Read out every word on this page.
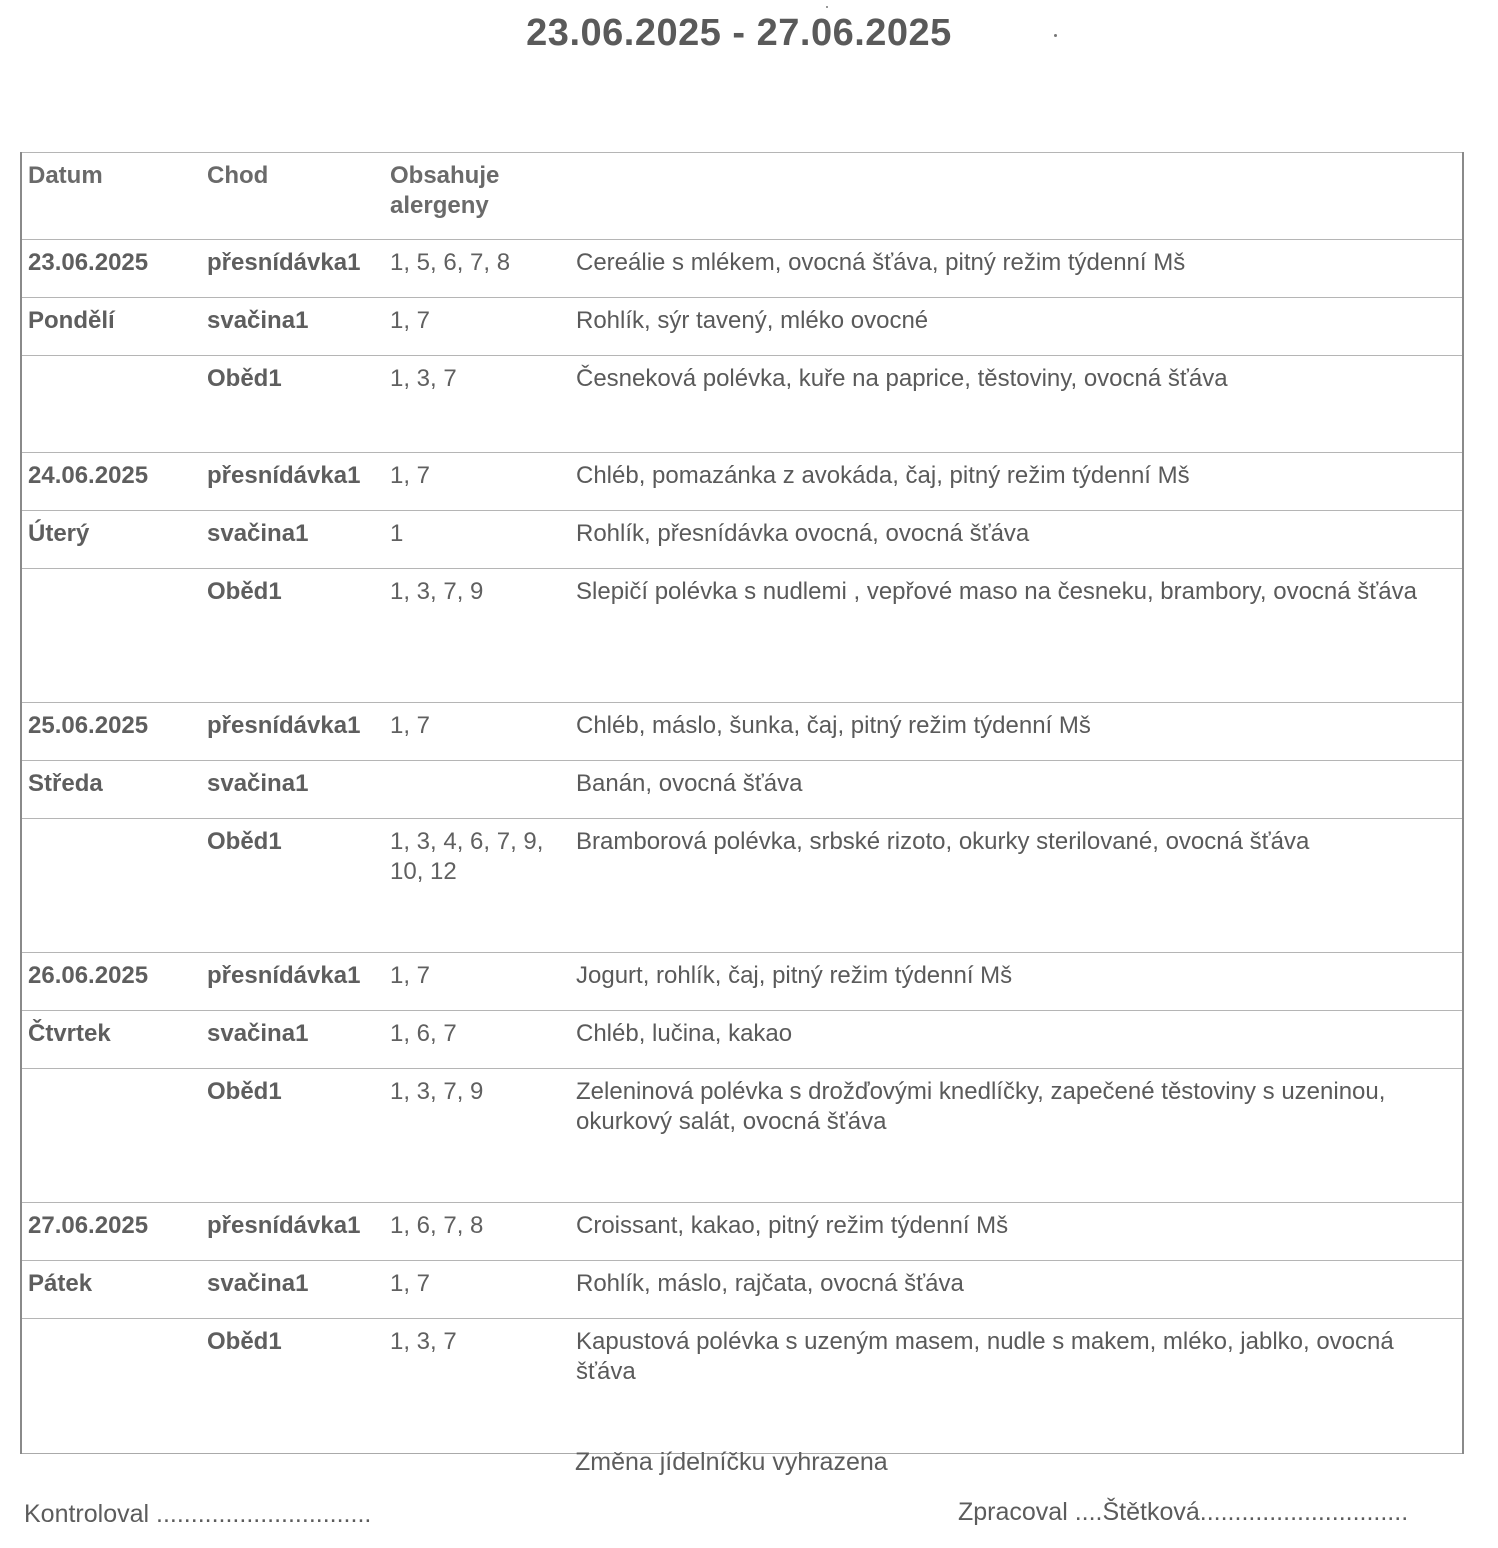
23.06.2025 - 27.06.2025
Datum	Chod	Obsahuje alergeny	
23.06.2025	přesnídávka1	1, 5, 6, 7, 8	Cereálie s mlékem, ovocná šťáva, pitný režim týdenní Mš
Pondělí	svačina1	1, 7	Rohlík, sýr tavený, mléko ovocné
	Oběd1	1, 3, 7	Česneková polévka, kuře na paprice, těstoviny, ovocná šťáva
24.06.2025	přesnídávka1	1, 7	Chléb, pomazánka z avokáda, čaj, pitný režim týdenní Mš
Úterý	svačina1	1	Rohlík, přesnídávka ovocná, ovocná šťáva
	Oběd1	1, 3, 7, 9	Slepičí polévka s nudlemi , vepřové maso na česneku, brambory, ovocná šťáva
25.06.2025	přesnídávka1	1, 7	Chléb, máslo, šunka, čaj, pitný režim týdenní Mš
Středa	svačina1		Banán, ovocná šťáva
	Oběd1	1, 3, 4, 6, 7, 9, 10, 12	Bramborová polévka, srbské rizoto, okurky sterilované, ovocná šťáva
26.06.2025	přesnídávka1	1, 7	Jogurt, rohlík, čaj, pitný režim týdenní Mš
Čtvrtek	svačina1	1, 6, 7	Chléb, lučina, kakao
	Oběd1	1, 3, 7, 9	Zeleninová polévka s drožďovými knedlíčky, zapečené těstoviny s uzeninou, okurkový salát, ovocná šťáva
27.06.2025	přesnídávka1	1, 6, 7, 8	Croissant, kakao, pitný režim týdenní Mš
Pátek	svačina1	1, 7	Rohlík, máslo, rajčata, ovocná šťáva
	Oběd1	1, 3, 7	Kapustová polévka s uzeným masem, nudle s makem, mléko, jablko, ovocná šťáva
Změna jídelníčku vyhrazena
Kontroloval ...............................	Zpracoval ....Štětková..............................
